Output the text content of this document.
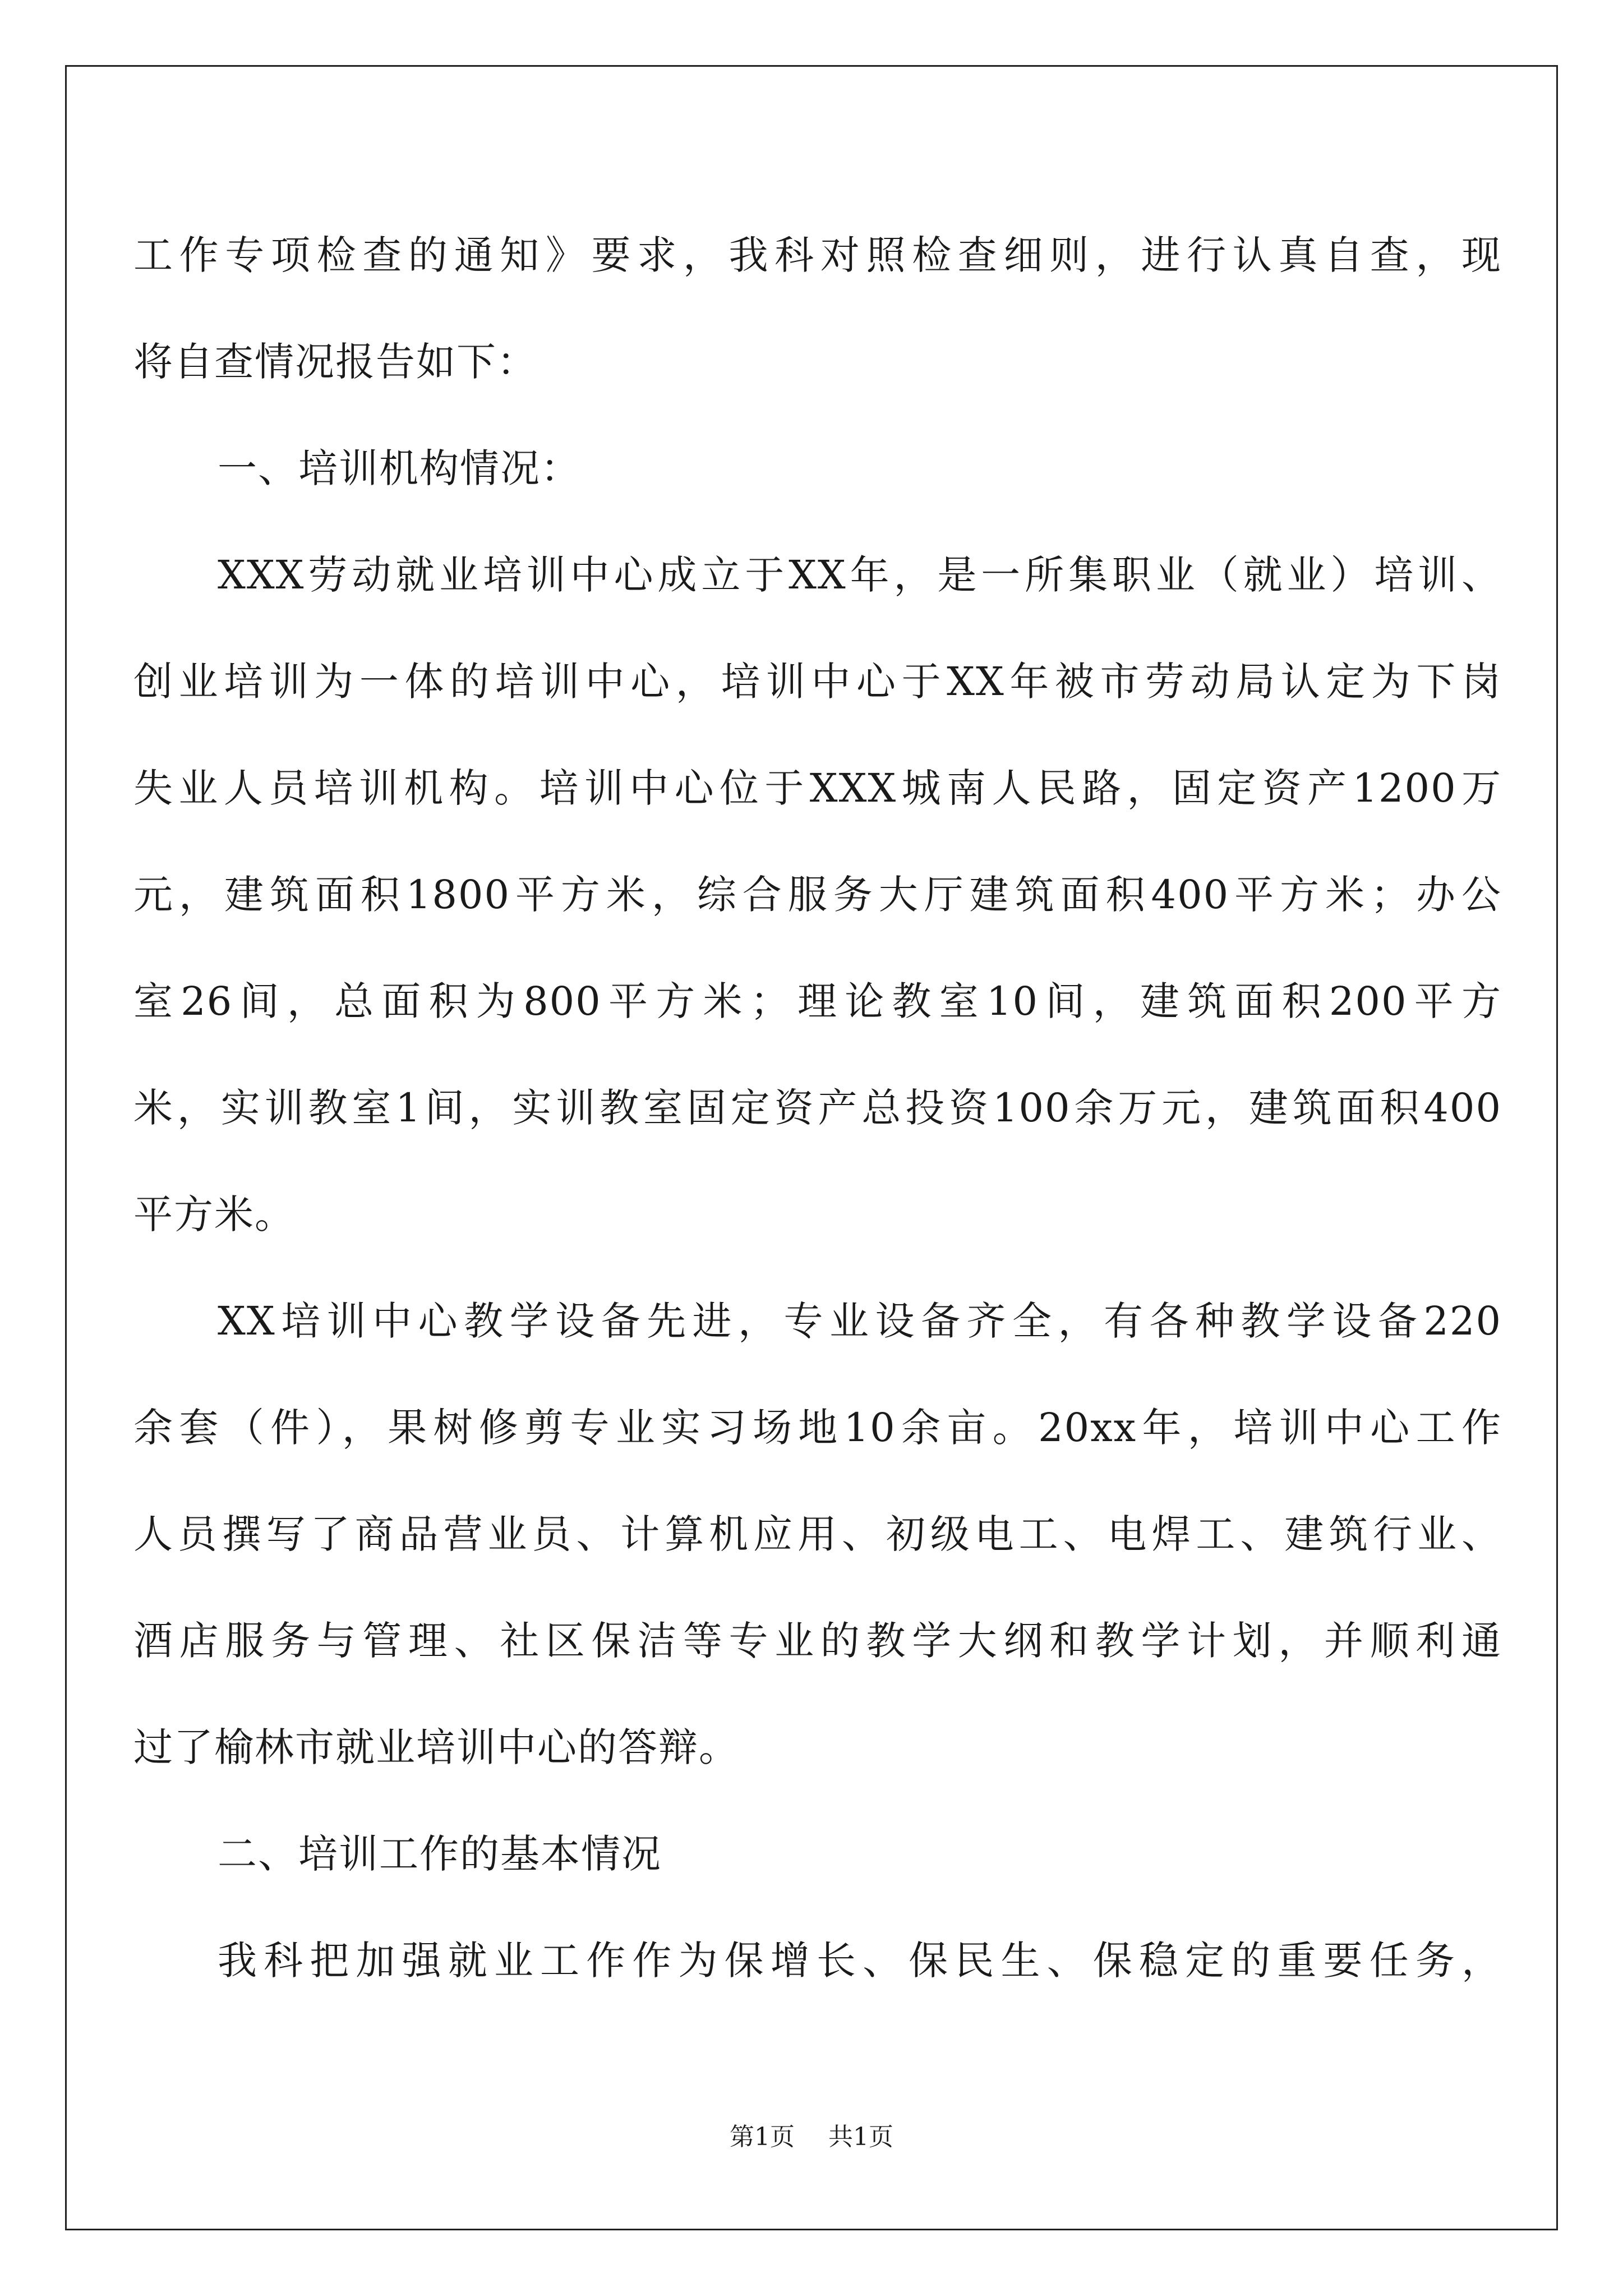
工作专项检查的通知》要求，我科对照检查细则，进行认真自查，现
将自查情况报告如下：
一、培训机构情况：
XXX劳动就业培训中心成立于XX年，是一所集职业（就业）培训、
创业培训为一体的培训中心，培训中心于XX年被市劳动局认定为下岗
失业人员培训机构。培训中心位于XXX城南人民路，固定资产1200万
元，建筑面积1800平方米，综合服务大厅建筑面积400平方米；办公
室26间，总面积为800平方米；理论教室10间，建筑面积200平方
米，实训教室1间，实训教室固定资产总投资100余万元，建筑面积400
平方米。
XX培训中心教学设备先进，专业设备齐全，有各种教学设备220
余套（件），果树修剪专业实习场地10余亩。20xx年，培训中心工作
人员撰写了商品营业员、计算机应用、初级电工、电焊工、建筑行业、
酒店服务与管理、社区保洁等专业的教学大纲和教学计划，并顺利通
过了榆林市就业培训中心的答辩。
二、培训工作的基本情况
我科把加强就业工作作为保增长、保民生、保稳定的重要任务，
第1页 共1页
